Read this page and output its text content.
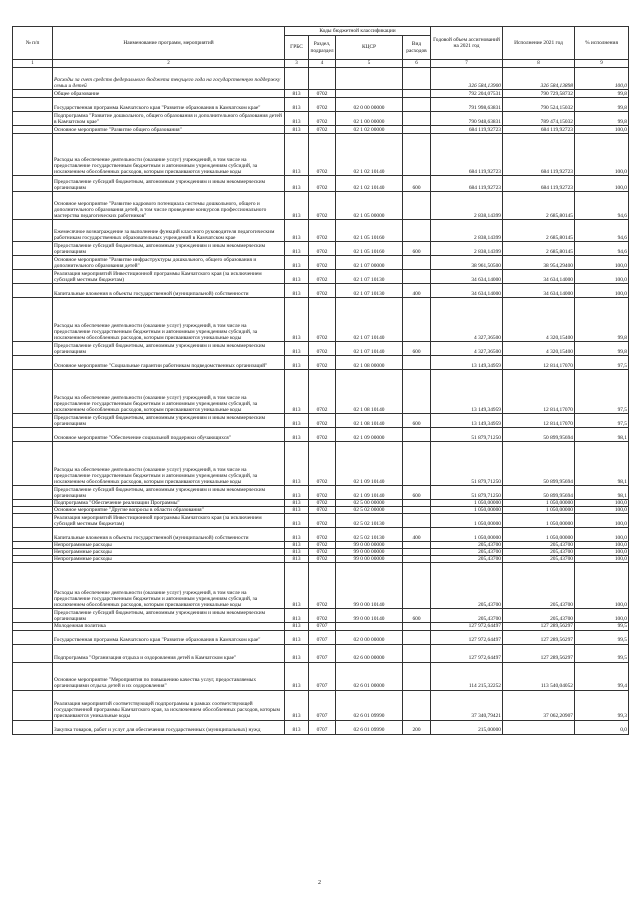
№ п/п	Наименование программ, мероприятий	Коды бюджетной классификации				Годовой объем ассигнований на 2021 год	Исполнение 2021 год	% исполнения
		ГРБС	Раздел, подраздел	КЦСР	Вид расходов			
1	2	3	4	5	6	7	8	9
	Расходы за счет средств федерального бюджета текущего года на государственную поддержку семьи и детей					326 584,13900	326 584,13898	100,0
	Общее образование	813	0702			792 204,07531	790 729,58732	99,8
	Государственная программа Камчатского края "Развитие образования в Камчатском крае"	813	0702	02 0 00 00000		791 998,63831	790 524,15032	99,8
	Подпрограмма "Развитие дошкольного, общего образования и дополнительного образования детей в Камчатском крае"	813	0702	02 1 00 00000		790 948,63831	789 474,15032	99,8
	Основное мероприятие "Развитие общего образования"	813	0702	02 1 02 00000		684 119,92723	684 119,92723	100,0
	Расходы на обеспечение деятельности (оказание услуг) учреждений, в том числе на предоставление государственным бюджетным и автономным учреждениям субсидий, за исключением обособленных расходов, которым присваиваются уникальные коды	813	0702	02 1 02 10140		684 119,92723	684 119,92723	100,0
	Предоставление субсидий бюджетным, автономным учреждениям и иным некоммерческим организациям	813	0702	02 1 02 10140	600	684 119,92723	684 119,92723	100,0
	Основное мероприятие "Развитие кадрового потенциала системы дошкольного, общего и дополнительного образования детей, в том числе проведение конкурсов профессионального мастерства педагогических работников"	813	0702	02 1 05 00000		2 838,14399	2 685,80145	94,6
	Ежемесячное вознаграждение за выполнение функций классного руководителя педагогическим работникам государственных образовательных учреждений в Камчатском крае	813	0702	02 1 05 10160		2 838,14399	2 685,80145	94,6
	Предоставление субсидий бюджетным, автономным учреждениям и иным некоммерческим организациям	813	0702	02 1 05 10160	600	2 838,14399	2 685,80145	94,6
	Основное мероприятие "Развитие инфраструктуры дошкольного, общего образования и дополнительного образования детей"	813	0702	02 1 07 00000		38 961,50500	38 954,29400	100,0
	Реализация мероприятий Инвестиционной программы Камчатского края (за исключением субсидий местным бюджетам)	813	0702	02 1 07 10130		34 634,14000	34 634,14000	100,0
	Капитальные вложения в объекты государственной (муниципальной) собственности	813	0702	02 1 07 10130	400	34 634,14000	34 634,14000	100,0
	Расходы на обеспечение деятельности (оказание услуг) учреждений, в том числе на предоставление государственным бюджетным и автономным учреждениям субсидий, за исключением обособленных расходов, которым присваиваются уникальные коды	813	0702	02 1 07 10140		4 327,36500	4 320,15400	99,8
	Предоставление субсидий бюджетным, автономным учреждениям и иным некоммерческим организациям	813	0702	02 1 07 10140	600	4 327,36500	4 320,15400	99,8
	Основное мероприятие "Социальные гарантии работникам подведомственных организаций"	813	0702	02 1 08 00000		13 149,34959	12 814,17070	97,5
	Расходы на обеспечение деятельности (оказание услуг) учреждений, в том числе на предоставление государственным бюджетным и автономным учреждениям субсидий, за исключением обособленных расходов, которым присваиваются уникальные коды	813	0702	02 1 08 10140		13 149,34959	12 814,17070	97,5
	Предоставление субсидий бюджетным, автономным учреждениям и иным некоммерческим организациям	813	0702	02 1 08 10140	600	13 149,34959	12 814,17070	97,5
	Основное мероприятие "Обеспечение социальной поддержки обучающихся"	813	0702	02 1 09 00000		51 879,71250	50 899,95694	98,1
	Расходы на обеспечение деятельности (оказание услуг) учреждений, в том числе на предоставление государственным бюджетным и автономным учреждениям субсидий, за исключением обособленных расходов, которым присваиваются уникальные коды	813	0702	02 1 09 10140		51 879,71250	50 899,95694	98,1
	Предоставление субсидий бюджетным, автономным учреждениям и иным некоммерческим организациям	813	0702	02 1 09 10140	600	51 879,71250	50 899,95694	98,1
	Подпрограмма "Обеспечение реализации Программы"	813	0702	02 5 00 00000		1 050,00000	1 050,00000	100,0
	Основное мероприятие "Другие вопросы в области образования"	813	0702	02 5 02 00000		1 050,00000	1 050,00000	100,0
	Реализация мероприятий Инвестиционной программы Камчатского края (за исключением субсидий местным бюджетам)	813	0702	02 5 02 10130		1 050,00000	1 050,00000	100,0
	Капитальные вложения в объекты государственной (муниципальной) собственности	813	0702	02 5 02 10130	400	1 050,00000	1 050,00000	100,0
	Непрограммные расходы	813	0702	99 0 00 00000		205,43700	205,43700	100,0
	Непрограммные расходы	813	0702	99 0 00 00000		205,43700	205,43700	100,0
	Непрограммные расходы	813	0702	99 0 00 00000		205,43700	205,43700	100,0
	Расходы на обеспечение деятельности (оказание услуг) учреждений, в том числе на предоставление государственным бюджетным и автономным учреждениям субсидий, за исключением обособленных расходов, которым присваиваются уникальные коды	813	0702	99 0 00 10140		205,43700	205,43700	100,0
	Предоставление субсидий бюджетным, автономным учреждениям и иным некоммерческим организациям	813	0702	99 0 00 10140	600	205,43700	205,43700	100,0
	Молодежная политика	813	0707			127 972,64497	127 289,56297	99,5
	Государственная программа Камчатского края "Развитие образования в Камчатском крае"	813	0707	02 0 00 00000		127 972,64497	127 289,56297	99,5
	Подпрограмма "Организация отдыха и оздоровления детей в Камчатском крае"	813	0707	02 6 00 00000		127 972,64497	127 289,56297	99,5
	Основное мероприятие "Мероприятия по повышению качества услуг, предоставляемых организациями отдыха детей и их оздоровления"	813	0707	02 6 01 00000		114 215,32252	113 540,04052	99,4
	Реализация мероприятий соответствующей подпрограммы в рамках соответствующей государственной программы Камчатского края, за исключением обособленных расходов, которым присваиваются уникальные коды	813	0707	02 6 01 09990		37 340,79421	37 062,20907	99,3
	Закупка товаров, работ и услуг для обеспечения государственных (муниципальных) нужд	813	0707	02 6 01 09990	200	215,00000		0,0
2
